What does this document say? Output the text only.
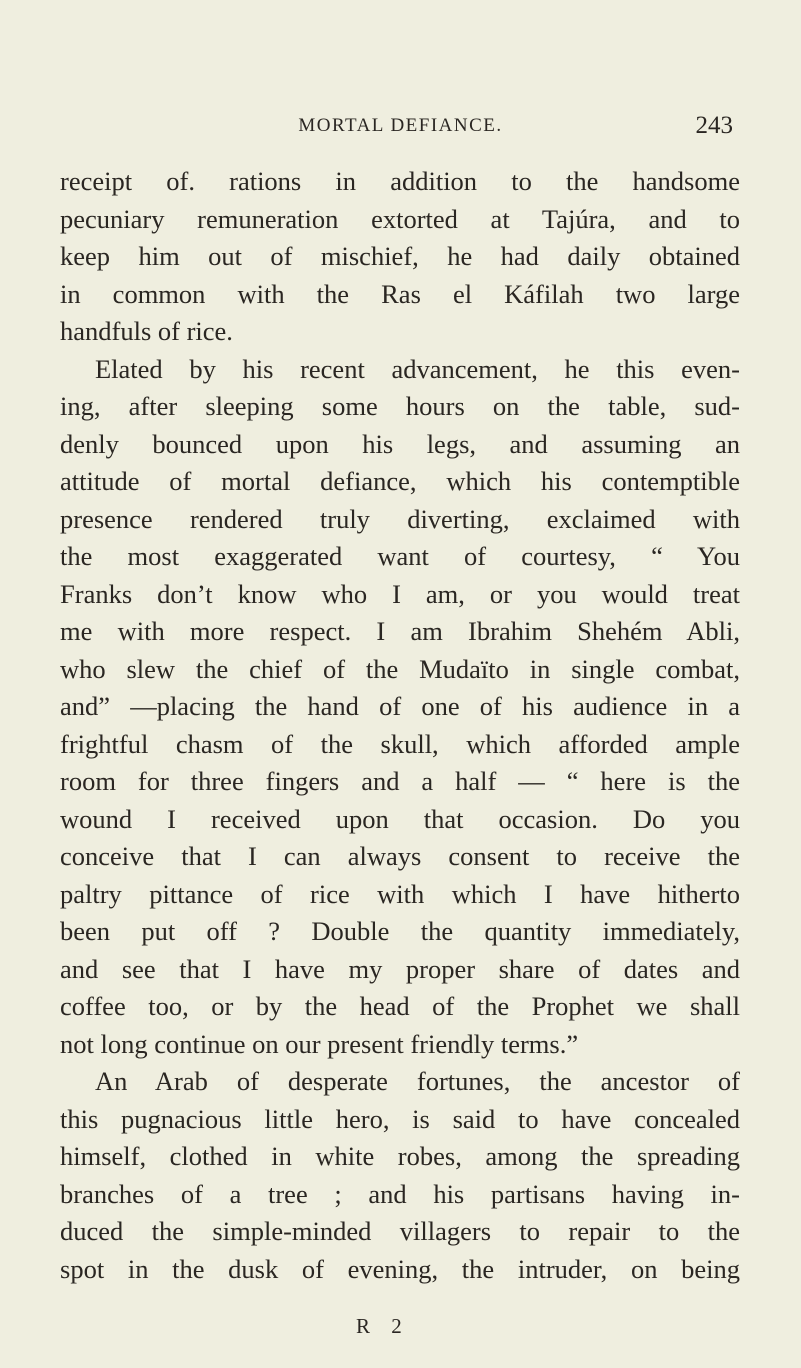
MORTAL DEFIANCE.	243
receipt of. rations in addition to the handsome
pecuniary remuneration extorted at Tajúra, and to
keep him out of mischief, he had daily obtained
in common with the Ras el Káfilah two large
handfuls of rice.
Elated by his recent advancement, he this even-
ing, after sleeping some hours on the table, sud-
denly bounced upon his legs, and assuming an
attitude of mortal defiance, which his contemptible
presence rendered truly diverting, exclaimed with
the most exaggerated want of courtesy, “ You
Franks don’t know who I am, or you would treat
me with more respect. I am Ibrahim Shehém Abli,
who slew the chief of the Mudaïto in single combat,
and” —placing the hand of one of his audience in a
frightful chasm of the skull, which afforded ample
room for three fingers and a half — “ here is the
wound I received upon that occasion. Do you
conceive that I can always consent to receive the
paltry pittance of rice with which I have hitherto
been put off ? Double the quantity immediately,
and see that I have my proper share of dates and
coffee too, or by the head of the Prophet we shall
not long continue on our present friendly terms.”
An Arab of desperate fortunes, the ancestor of
this pugnacious little hero, is said to have concealed
himself, clothed in white robes, among the spreading
branches of a tree ; and his partisans having in-
duced the simple-minded villagers to repair to the
spot in the dusk of evening, the intruder, on being
R 2
